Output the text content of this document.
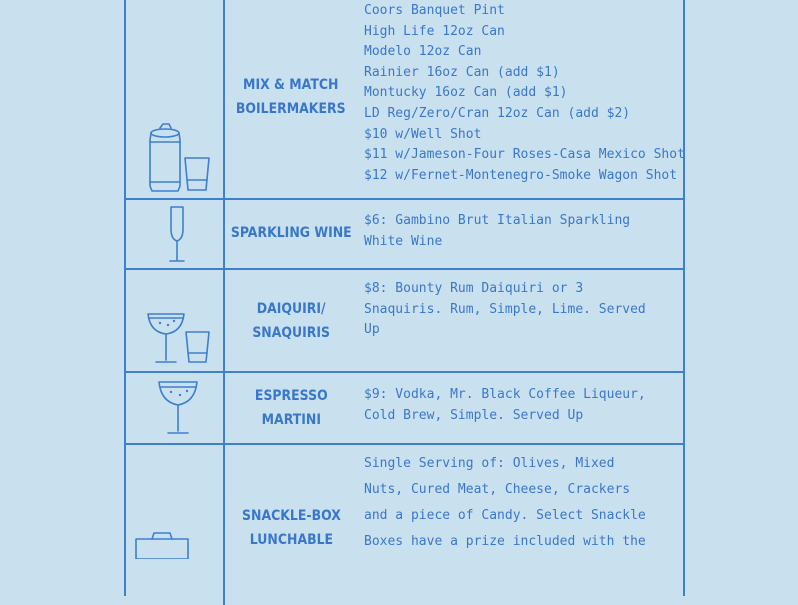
MIX & MATCH
BOILERMAKERS
Coors Banquet Pint
High Life 12oz Can
Modelo 12oz Can
Rainier 16oz Can (add $1)
Montucky 16oz Can (add $1)
LD Reg/Zero/Cran 12oz Can (add $2)
$10 w/Well Shot
$11 w/Jameson-Four Roses-Casa Mexico Shot
$12 w/Fernet-Montenegro-Smoke Wagon Shot
SPARKLING WINE
$6: Gambino Brut Italian Sparkling
White Wine
DAIQUIRI/
SNAQUIRIS
$8: Bounty Rum Daiquiri or 3
Snaquiris. Rum, Simple, Lime. Served
Up
ESPRESSO
MARTINI
$9: Vodka, Mr. Black Coffee Liqueur,
Cold Brew, Simple. Served Up
SNACKLE-BOX
LUNCHABLE
Single Serving of: Olives, Mixed
Nuts, Cured Meat, Cheese, Crackers
and a piece of Candy. Select Snackle
Boxes have a prize included with the
